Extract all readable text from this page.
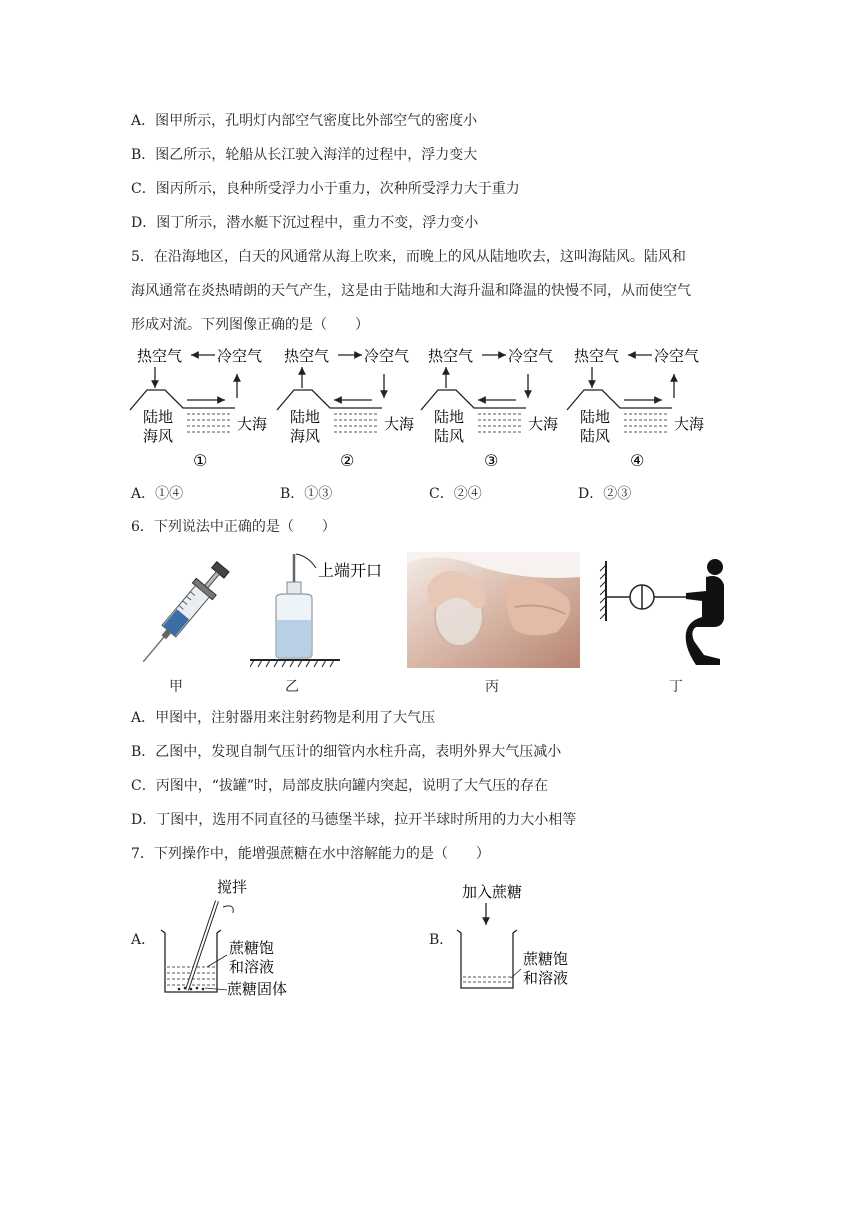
A．图甲所示，孔明灯内部空气密度比外部空气的密度小
B．图乙所示，轮船从长江驶入海洋的过程中，浮力变大
C．图丙所示，良种所受浮力小于重力，次种所受浮力大于重力
D．图丁所示，潜水艇下沉过程中，重力不变，浮力变小
5．在沿海地区，白天的风通常从海上吹来，而晚上的风从陆地吹去，这叫海陆风。陆风和
海风通常在炎热晴朗的天气产生，这是由于陆地和大海升温和降温的快慢不同，从而使空气
形成对流。下列图像正确的是（　　）
热空气 冷空气
陆地
海风
大海
①
热空气 冷空气
陆地
海风
大海
②
热空气 冷空气
陆地
陆风
大海
③
热空气 冷空气
陆地
陆风
大海
④
A．①④	B．①③	C．②④	D．②③
6．下列说法中正确的是（　　）
上端开口
甲	乙	丙	丁
A．甲图中，注射器用来注射药物是利用了大气压
B．乙图中，发现自制气压计的细管内水柱升高，表明外界大气压减小
C．丙图中，“拔罐”时，局部皮肤向罐内突起，说明了大气压的存在
D．丁图中，选用不同直径的马德堡半球，拉开半球时所用的力大小相等
7．下列操作中，能增强蔗糖在水中溶解能力的是（　　）
A．
搅拌
蔗糖饱
和溶液
蔗糖固体
B．
加入蔗糖
蔗糖饱
和溶液
